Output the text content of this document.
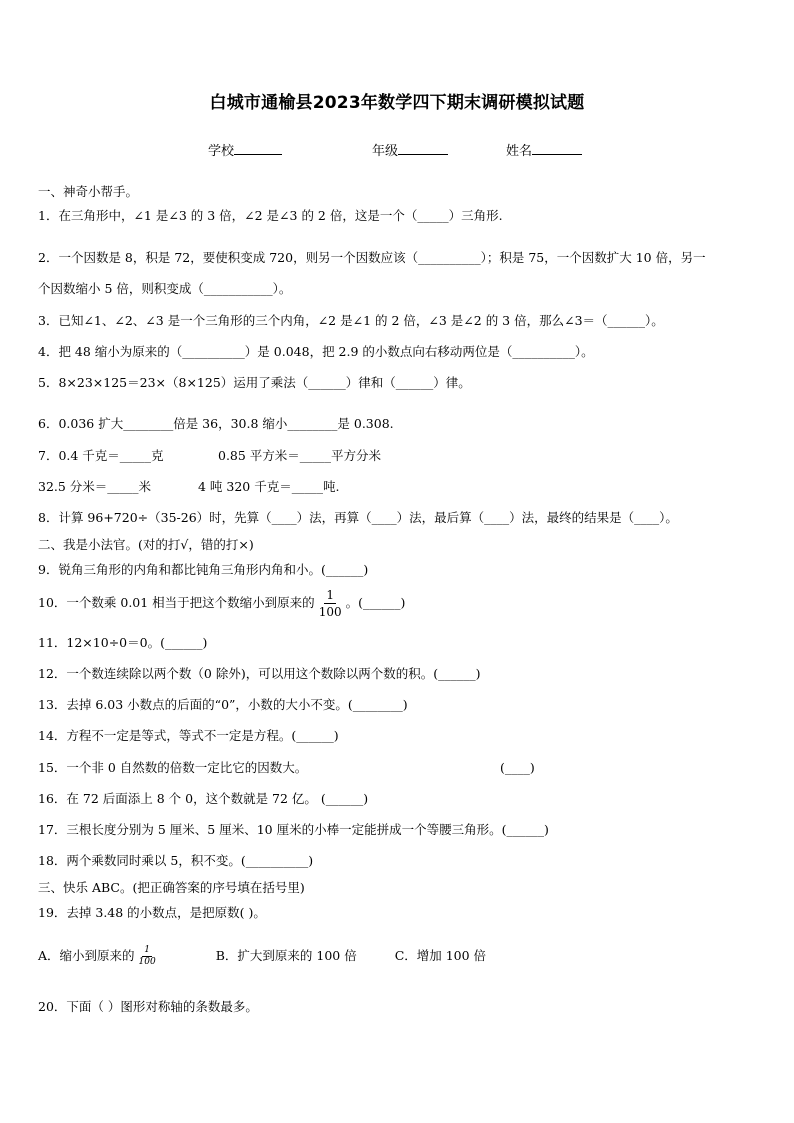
白城市通榆县2023年数学四下期末调研模拟试题
学校	年级	姓名
一、神奇小帮手。
1．在三角形中，∠1 是∠3 的 3 倍，∠2 是∠3 的 2 倍，这是一个（_____）三角形.
2．一个因数是 8，积是 72，要使积变成 720，则另一个因数应该（__________）；积是 75，一个因数扩大 10 倍，另一
个因数缩小 5 倍，则积变成（___________）。
3．已知∠1、∠2、∠3 是一个三角形的三个内角，∠2 是∠1 的 2 倍，∠3 是∠2 的 3 倍，那么∠3＝（______）。
4．把 48 缩小为原来的（__________）是 0.048，把 2.9 的小数点向右移动两位是（__________）。
5．8×23×125＝23×（8×125）运用了乘法（______）律和（______）律。
6．0.036 扩大________倍是 36，30.8 缩小________是 0.308.
7．0.4 千克＝_____克	0.85 平方米＝_____平方分米
32.5 分米＝_____米	4 吨 320 千克＝_____吨.
8．计算 96+720÷（35-26）时，先算（____）法，再算（____）法，最后算（____）法，最终的结果是（____）。
二、我是小法官。(对的打√，错的打×)
9．锐角三角形的内角和都比钝角三角形内角和小。(______)
10．一个数乘 0.01 相当于把这个数缩小到原来的 $\frac{1}{100}$ 。(______)
11．12×10÷0＝0。(______)
12．一个数连续除以两个数（0 除外)，可以用这个数除以两个数的积。(______)
13．去掉 6.03 小数点的后面的“0”，小数的大小不变。(________)
14．方程不一定是等式，等式不一定是方程。(______)
15．一个非 0 自然数的倍数一定比它的因数大。	(____)
16．在 72 后面添上 8 个 0，这个数就是 72 亿。 (______)
17．三根长度分别为 5 厘米、5 厘米、10 厘米的小棒一定能拼成一个等腰三角形。(______)
18．两个乘数同时乘以 5，积不变。(__________)
三、快乐 ABC。(把正确答案的序号填在括号里)
19．去掉 3.48 的小数点，是把原数( )。
A．缩小到原来的 $\frac{1}{100}$	B．扩大到原来的 100 倍	C．增加 100 倍
20．下面（ ）图形对称轴的条数最多。
